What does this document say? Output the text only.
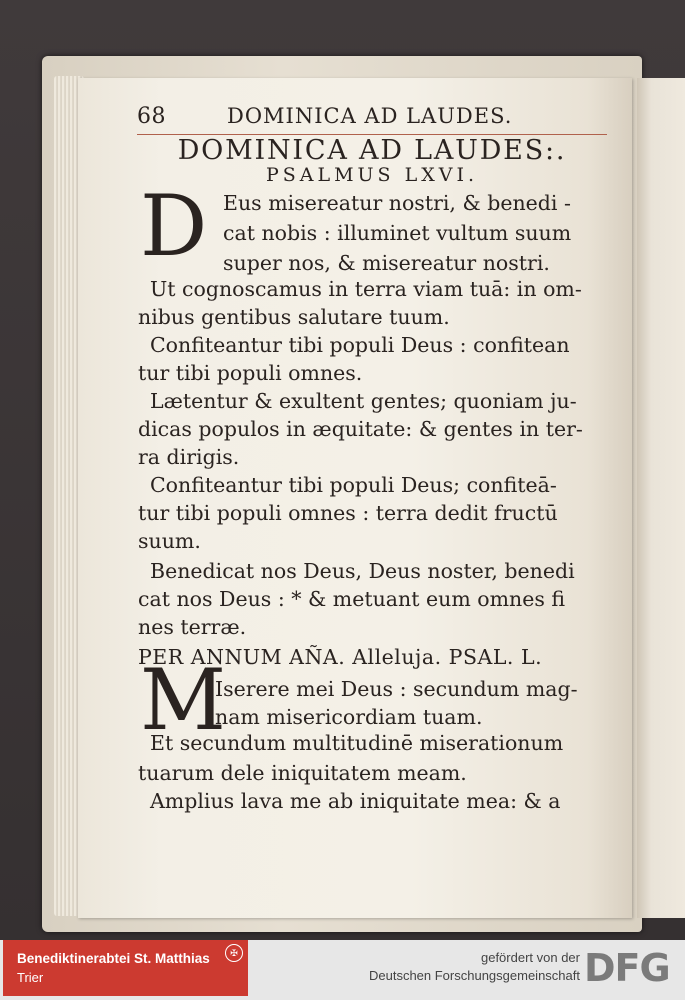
68	DOMINICA AD LAUDES.
DOMINICA AD LAUDES:.
PSALMUS LXVI.
D Eus misereatur nostri, & benedi -
cat nobis : illuminet vultum suum
super nos, & misereatur nostri.
Ut cognoscamus in terra viam tuā: in om-
nibus gentibus salutare tuum.
Confiteantur tibi populi Deus : confitean
tur tibi populi omnes.
Lætentur & exultent gentes; quoniam ju-
dicas populos in æquitate: & gentes in ter-
ra dirigis.
Confiteantur tibi populi Deus; confiteā-
tur tibi populi omnes : terra dedit fructū
suum.
Benedicat nos Deus, Deus noster, benedi
cat nos Deus : * & metuant eum omnes fi
nes terræ.
PER ANNUM AÑA. Alleluja. PSAL. L.
M
Iserere mei Deus : secundum mag-
nam misericordiam tuam.
Et secundum multitudinē miserationum
tuarum dele iniquitatem meam.
Amplius lava me ab iniquitate mea: & a
Benediktinerabtei St. Matthias
Trier
✠	gefördert von der
Deutschen Forschungsgemeinschaft DFG
